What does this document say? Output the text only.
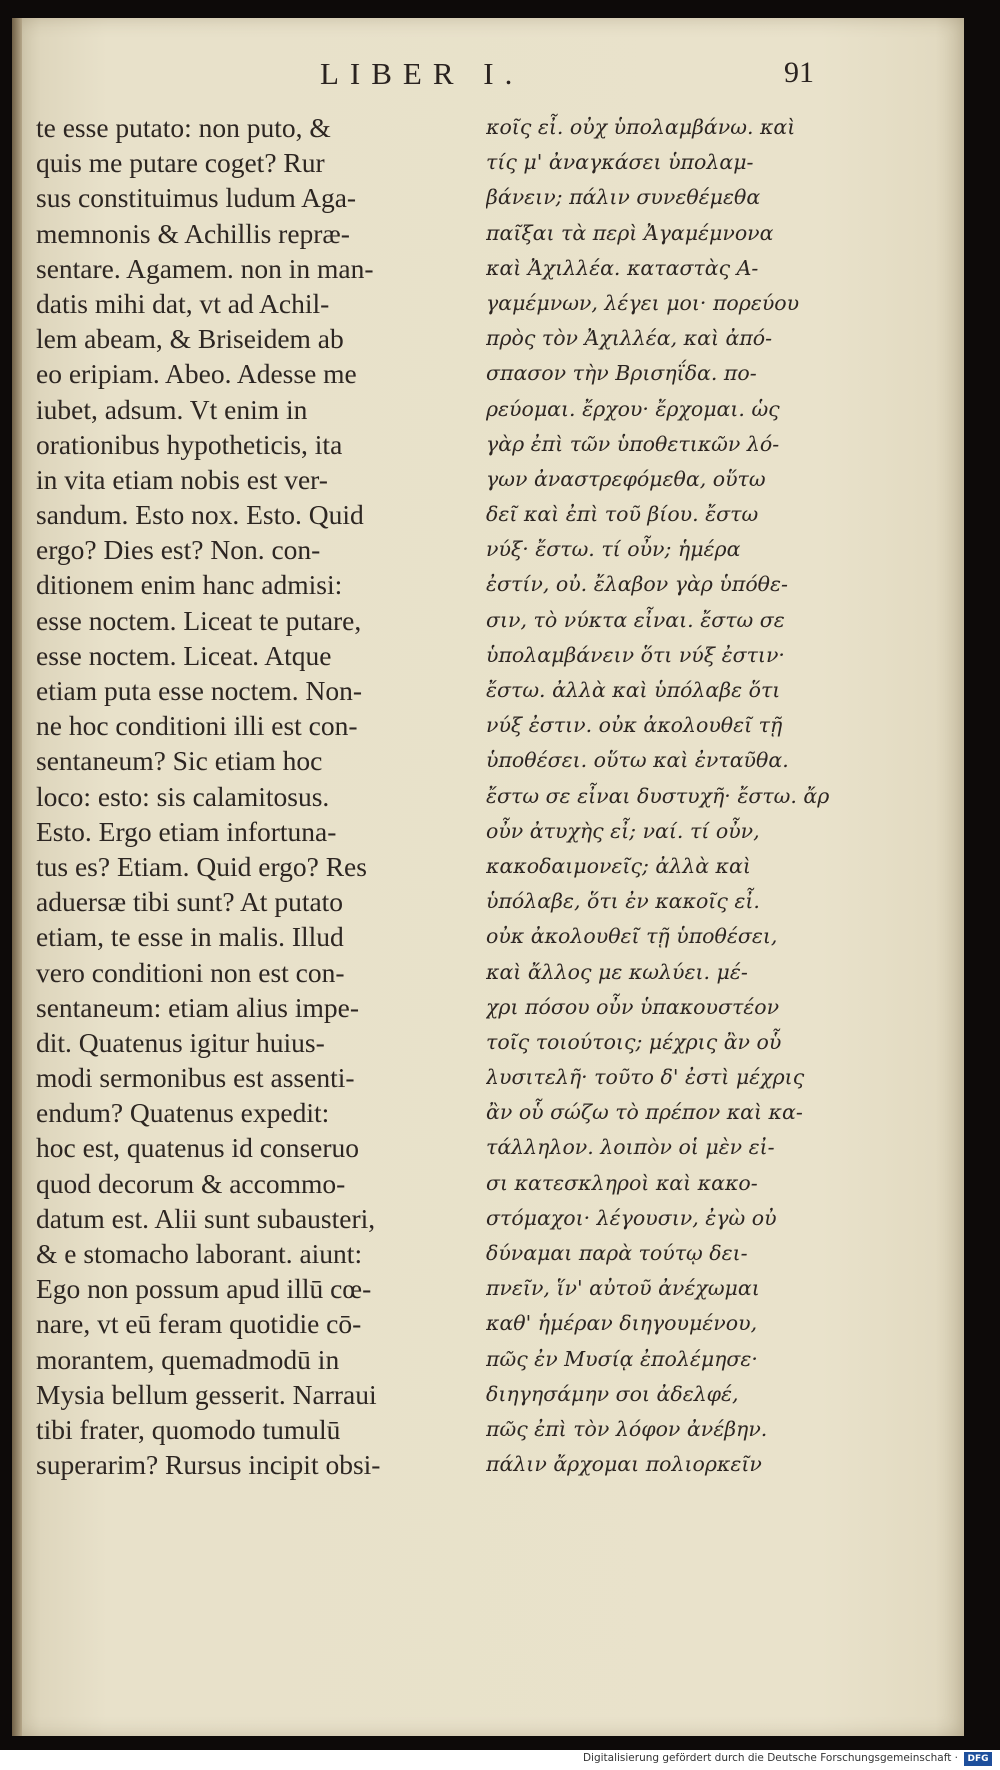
LIBER I.	91
te esse putato: non puto, &
quis me putare coget? Rur
sus constituimus ludum Aga-
memnonis & Achillis repræ-
sentare. Agamem. non in man-
datis mihi dat, vt ad Achil-
lem abeam, & Briseidem ab
eo eripiam. Abeo. Adesse me
iubet, adsum. Vt enim in
orationibus hypotheticis, ita
in vita etiam nobis est ver-
sandum. Esto nox. Esto. Quid
ergo? Dies est? Non. con-
ditionem enim hanc admisi:
esse noctem. Liceat te putare,
esse noctem. Liceat. Atque
etiam puta esse noctem. Non-
ne hoc conditioni illi est con-
sentaneum? Sic etiam hoc
loco: esto: sis calamitosus.
Esto. Ergo etiam infortuna-
tus es? Etiam. Quid ergo? Res
aduersæ tibi sunt? At putato
etiam, te esse in malis. Illud
vero conditioni non est con-
sentaneum: etiam alius impe-
dit. Quatenus igitur huius-
modi sermonibus est assenti-
endum? Quatenus expedit:
hoc est, quatenus id conseruo
quod decorum & accommo-
datum est. Alii sunt subausteri,
& e stomacho laborant. aiunt:
Ego non possum apud illū cœ-
nare, vt eū feram quotidie cō-
morantem, quemadmodū in
Mysia bellum gesserit. Narraui
tibi frater, quomodo tumulū
superarim? Rursus incipit obsi-
κοῖς εἶ. οὐχ ὑπολαμβάνω. καὶ
τίς μ' ἀναγκάσει ὑπολαμ-
βάνειν; πάλιν συνεθέμεθα
παῖξαι τὰ περὶ Ἀγαμέμνονα
καὶ Ἀχιλλέα. καταστὰς Α-
γαμέμνων, λέγει μοι· πορεύου
πρὸς τὸν Ἀχιλλέα, καὶ ἀπό-
σπασον τὴν Βρισηΐδα. πο-
ρεύομαι. ἔρχου· ἔρχομαι. ὡς
γὰρ ἐπὶ τῶν ὑποθετικῶν λό-
γων ἀναστρεφόμεθα, οὕτω
δεῖ καὶ ἐπὶ τοῦ βίου. ἔστω
νύξ· ἔστω. τί οὖν; ἡμέρα
ἐστίν, οὐ. ἔλαβον γὰρ ὑπόθε-
σιν, τὸ νύκτα εἶναι. ἔστω σε
ὑπολαμβάνειν ὅτι νύξ ἐστιν·
ἔστω. ἀλλὰ καὶ ὑπόλαβε ὅτι
νύξ ἐστιν. οὐκ ἀκολουθεῖ τῇ
ὑποθέσει. οὕτω καὶ ἐνταῦθα.
ἔστω σε εἶναι δυστυχῆ· ἔστω. ἄρ
οὖν ἀτυχὴς εἶ; ναί. τί οὖν,
κακοδαιμονεῖς; ἀλλὰ καὶ
ὑπόλαβε, ὅτι ἐν κακοῖς εἶ.
οὐκ ἀκολουθεῖ τῇ ὑποθέσει,
καὶ ἄλλος με κωλύει. μέ-
χρι πόσου οὖν ὑπακουστέον
τοῖς τοιούτοις; μέχρις ἂν οὗ
λυσιτελῆ· τοῦτο δ' ἐστὶ μέχρις
ἂν οὗ σώζω τὸ πρέπον καὶ κα-
τάλληλον. λοιπὸν οἱ μὲν εἰ-
σι κατεσκληροὶ καὶ κακο-
στόμαχοι· λέγουσιν, ἐγὼ οὐ
δύναμαι παρὰ τούτῳ δει-
πνεῖν, ἵν' αὐτοῦ ἀνέχωμαι
καθ' ἡμέραν διηγουμένου,
πῶς ἐν Μυσίᾳ ἐπολέμησε·
διηγησάμην σοι ἀδελφέ,
πῶς ἐπὶ τὸν λόφον ἀνέβην.
πάλιν ἄρχομαι πολιορκεῖν
Digitalisierung gefördert durch die Deutsche Forschungsgemeinschaft ·	DFG
